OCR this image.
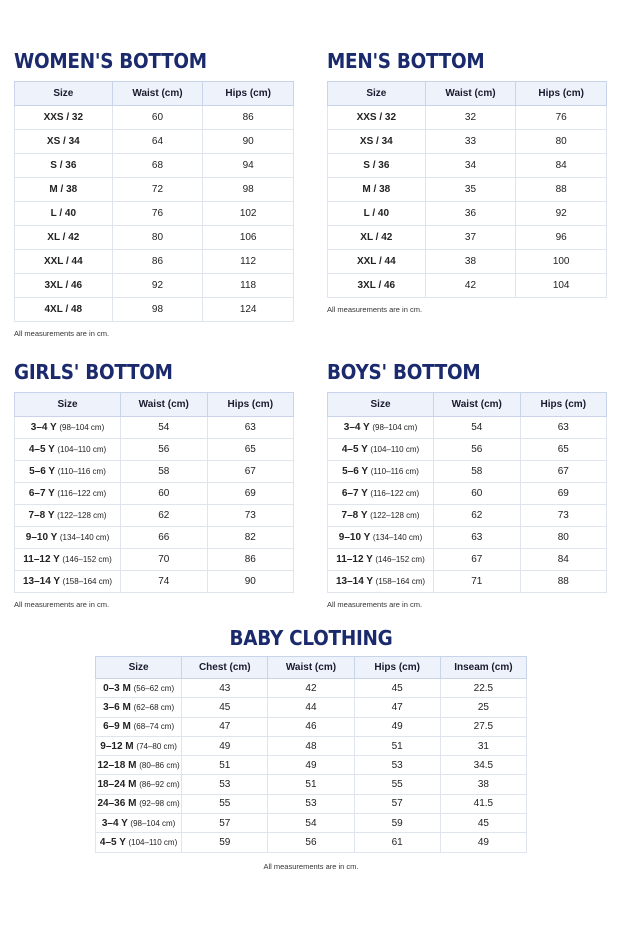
WOMEN'S BOTTOM
Size	Waist (cm)	Hips (cm)
XXS / 32	60	86
XS / 34	64	90
S / 36	68	94
M / 38	72	98
L / 40	76	102
XL / 42	80	106
XXL / 44	86	112
3XL / 46	92	118
4XL / 48	98	124
All measurements are in cm.
MEN'S BOTTOM
Size	Waist (cm)	Hips (cm)
XXS / 32	32	76
XS / 34	33	80
S / 36	34	84
M / 38	35	88
L / 40	36	92
XL / 42	37	96
XXL / 44	38	100
3XL / 46	42	104
All measurements are in cm.
GIRLS' BOTTOM
Size	Waist (cm)	Hips (cm)
3–4 Y (98–104 cm)	54	63
4–5 Y (104–110 cm)	56	65
5–6 Y (110–116 cm)	58	67
6–7 Y (116–122 cm)	60	69
7–8 Y (122–128 cm)	62	73
9–10 Y (134–140 cm)	66	82
11–12 Y (146–152 cm)	70	86
13–14 Y (158–164 cm)	74	90
All measurements are in cm.
BOYS' BOTTOM
Size	Waist (cm)	Hips (cm)
3–4 Y (98–104 cm)	54	63
4–5 Y (104–110 cm)	56	65
5–6 Y (110–116 cm)	58	67
6–7 Y (116–122 cm)	60	69
7–8 Y (122–128 cm)	62	73
9–10 Y (134–140 cm)	63	80
11–12 Y (146–152 cm)	67	84
13–14 Y (158–164 cm)	71	88
All measurements are in cm.
BABY CLOTHING
Size	Chest (cm)	Waist (cm)	Hips (cm)	Inseam (cm)
0–3 M (56–62 cm)	43	42	45	22.5
3–6 M (62–68 cm)	45	44	47	25
6–9 M (68–74 cm)	47	46	49	27.5
9–12 M (74–80 cm)	49	48	51	31
12–18 M (80–86 cm)	51	49	53	34.5
18–24 M (86–92 cm)	53	51	55	38
24–36 M (92–98 cm)	55	53	57	41.5
3–4 Y (98–104 cm)	57	54	59	45
4–5 Y (104–110 cm)	59	56	61	49
All measurements are in cm.
